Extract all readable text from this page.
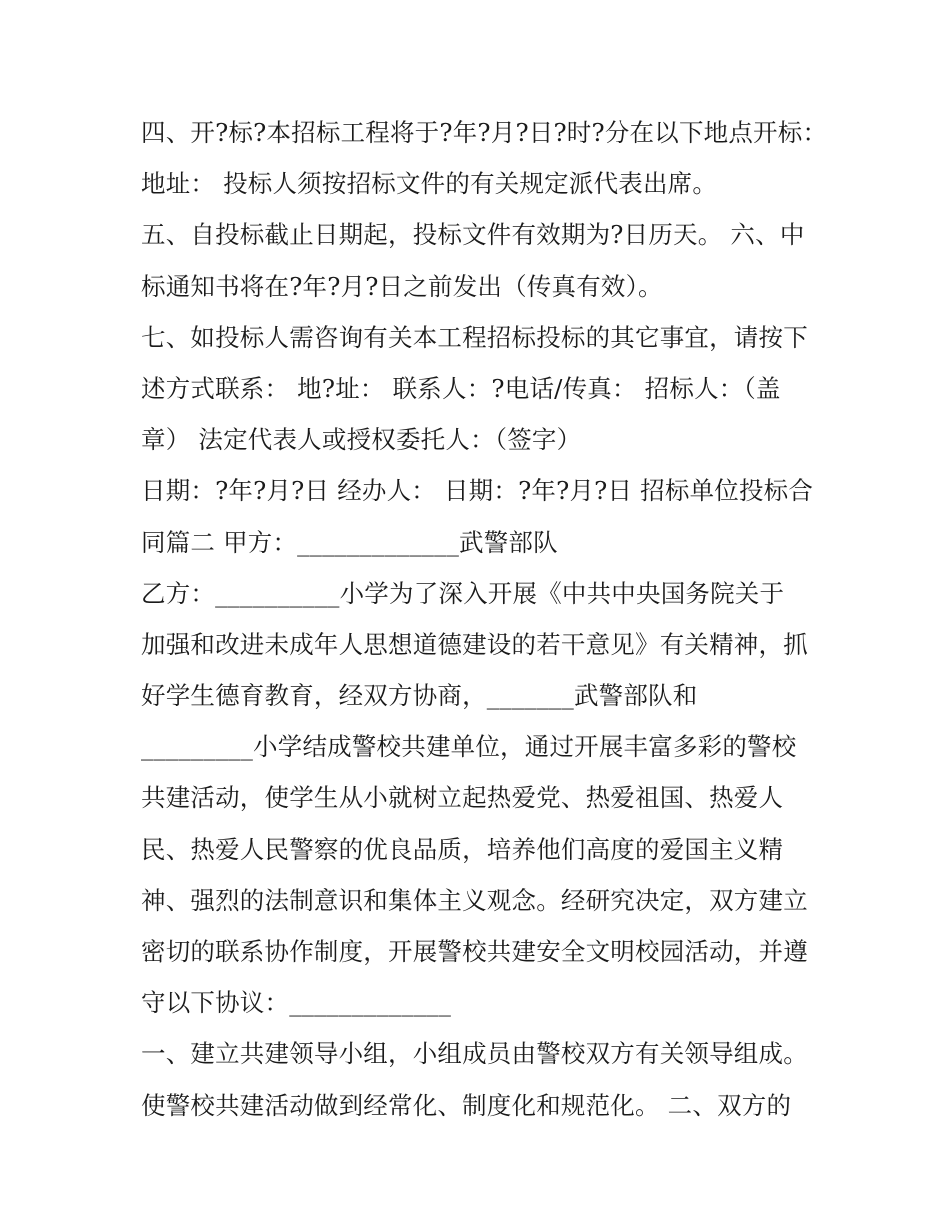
四、开?标?本招标工程将于?年?月?日?时?分在以下地点开标：
地址： 投标人须按招标文件的有关规定派代表出席。
五、自投标截止日期起，投标文件有效期为?日历天。 六、中
标通知书将在?年?月?日之前发出（传真有效）。
七、如投标人需咨询有关本工程招标投标的其它事宜，请按下
述方式联系： 地?址： 联系人：?电话/传真： 招标人：（盖
章） 法定代表人或授权委托人：（签字）
日期：?年?月?日 经办人： 日期：?年?月?日 招标单位投标合
同篇二 甲方：_____________武警部队
乙方：__________小学为了深入开展《中共中央国务院关于
加强和改进未成年人思想道德建设的若干意见》有关精神，抓
好学生德育教育，经双方协商，_______武警部队和
_________小学结成警校共建单位，通过开展丰富多彩的警校
共建活动，使学生从小就树立起热爱党、热爱祖国、热爱人
民、热爱人民警察的优良品质，培养他们高度的爱国主义精
神、强烈的法制意识和集体主义观念。经研究决定，双方建立
密切的联系协作制度，开展警校共建安全文明校园活动，并遵
守以下协议：_____________
一、建立共建领导小组，小组成员由警校双方有关领导组成。
使警校共建活动做到经常化、制度化和规范化。 二、双方的
